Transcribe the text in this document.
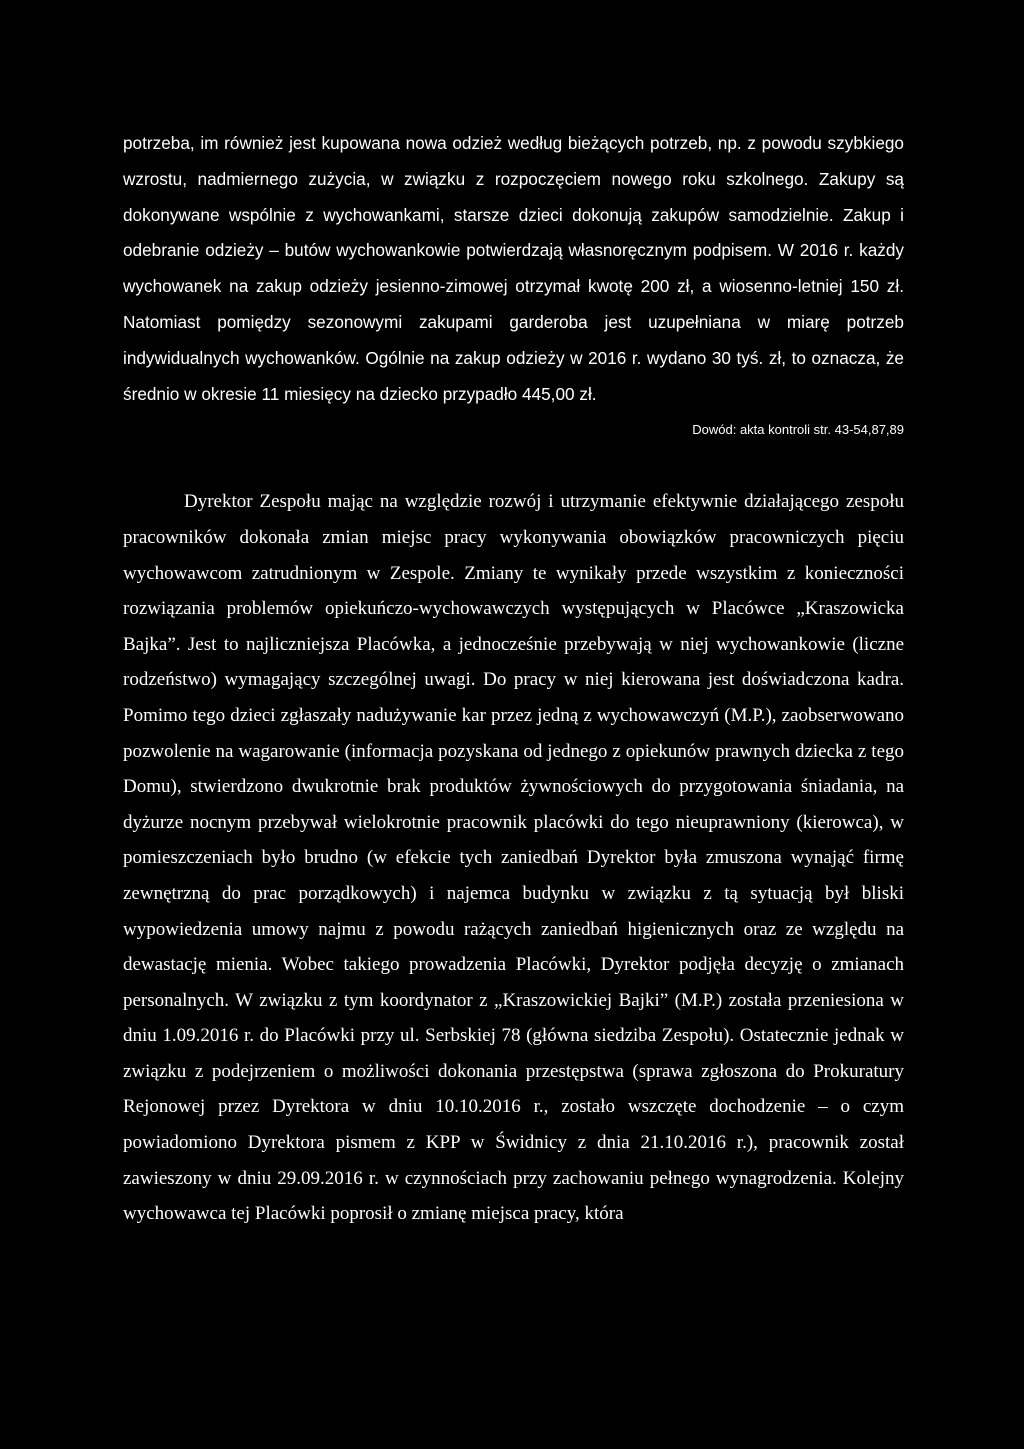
potrzeba, im również jest kupowana nowa odzież według bieżących potrzeb, np. z powodu szybkiego wzrostu, nadmiernego zużycia, w związku z rozpoczęciem nowego roku szkolnego. Zakupy są dokonywane wspólnie z wychowankami, starsze dzieci dokonują zakupów samodzielnie. Zakup i odebranie odzieży – butów wychowankowie potwierdzają własnoręcznym podpisem. W 2016 r. każdy wychowanek na zakup odzieży jesienno-zimowej otrzymał kwotę 200 zł, a wiosenno-letniej 150 zł. Natomiast pomiędzy sezonowymi zakupami garderoba jest uzupełniana w miarę potrzeb indywidualnych wychowanków. Ogólnie na zakup odzieży w 2016 r. wydano 30 tyś. zł, to oznacza, że średnio w okresie 11 miesięcy na dziecko przypadło 445,00 zł.

Dowód: akta kontroli str. 43-54,87,89

Dyrektor Zespołu mając na względzie rozwój i utrzymanie efektywnie działającego zespołu pracowników dokonała zmian miejsc pracy wykonywania obowiązków pracowniczych pięciu wychowawcom zatrudnionym w Zespole. Zmiany te wynikały przede wszystkim z konieczności rozwiązania problemów opiekuńczo-wychowawczych występujących w Placówce „Kraszowicka Bajka”. Jest to najliczniejsza Placówka, a jednocześnie przebywają w niej wychowankowie (liczne rodzeństwo) wymagający szczególnej uwagi. Do pracy w niej kierowana jest doświadczona kadra. Pomimo tego dzieci zgłaszały nadużywanie kar przez jedną z wychowawczyń (M.P.), zaobserwowano pozwolenie na wagarowanie (informacja pozyskana od jednego z opiekunów prawnych dziecka z tego Domu), stwierdzono dwukrotnie brak produktów żywnościowych do przygotowania śniadania, na dyżurze nocnym przebywał wielokrotnie pracownik placówki do tego nieuprawniony (kierowca), w pomieszczeniach było brudno (w efekcie tych zaniedbań Dyrektor była zmuszona wynająć firmę zewnętrzną do prac porządkowych) i najemca budynku w związku z tą sytuacją był bliski wypowiedzenia umowy najmu z powodu rażących zaniedbań higienicznych oraz ze względu na dewastację mienia. Wobec takiego prowadzenia Placówki, Dyrektor podjęła decyzję o zmianach personalnych. W związku z tym koordynator z „Kraszowickiej Bajki” (M.P.) została przeniesiona w dniu 1.09.2016 r. do Placówki przy ul. Serbskiej 78 (główna siedziba Zespołu). Ostatecznie jednak w związku z podejrzeniem o możliwości dokonania przestępstwa (sprawa zgłoszona do Prokuratury Rejonowej przez Dyrektora w dniu 10.10.2016 r., zostało wszczęte dochodzenie – o czym powiadomiono Dyrektora pismem z KPP w Świdnicy z dnia 21.10.2016 r.), pracownik został zawieszony w dniu 29.09.2016 r. w czynnościach przy zachowaniu pełnego wynagrodzenia. Kolejny wychowawca tej Placówki poprosił o zmianę miejsca pracy, która
